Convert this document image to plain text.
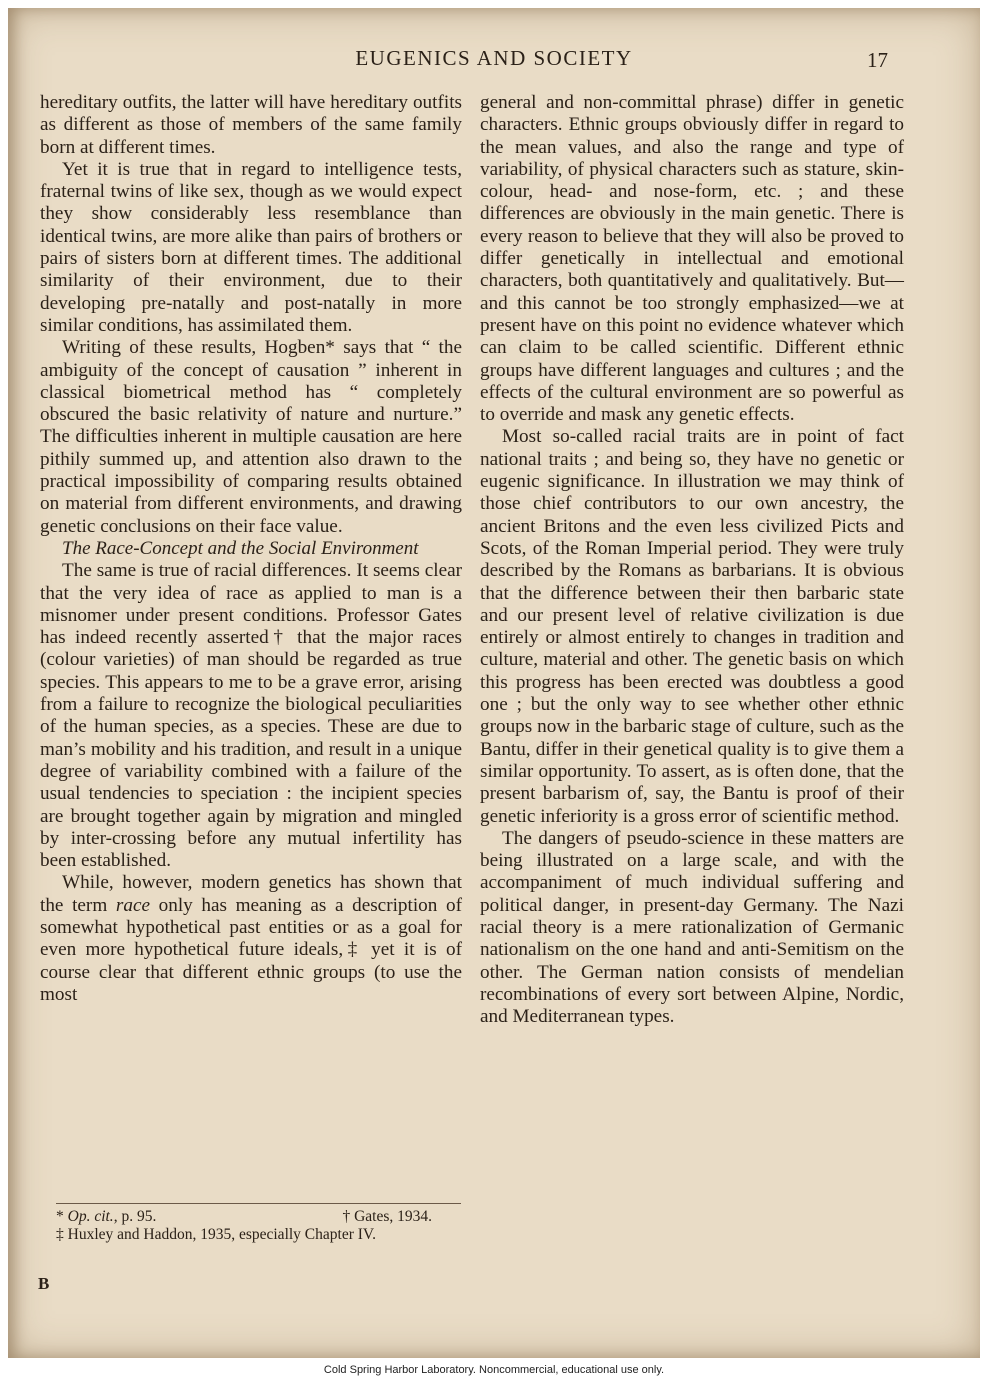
EUGENICS AND SOCIETY	17

hereditary outfits, the latter will have hereditary outfits as different as those of members of the same family born at different times.

Yet it is true that in regard to intelligence tests, fraternal twins of like sex, though as we would expect they show considerably less resemblance than identical twins, are more alike than pairs of brothers or pairs of sisters born at different times. The additional similarity of their environment, due to their developing pre-natally and post-natally in more similar conditions, has assimilated them.

Writing of these results, Hogben* says that “ the ambiguity of the concept of causation ” inherent in classical biometrical method has “ completely obscured the basic relativity of nature and nurture.” The difficulties inherent in multiple causation are here pithily summed up, and attention also drawn to the practical impossibility of comparing results obtained on material from different environments, and drawing genetic conclusions on their face value.

The Race-Concept and the Social Environment

The same is true of racial differences. It seems clear that the very idea of race as applied to man is a misnomer under present conditions. Professor Gates has indeed recently asserted† that the major races (colour varieties) of man should be regarded as true species. This appears to me to be a grave error, arising from a failure to recognize the biological peculiarities of the human species, as a species. These are due to man’s mobility and his tradition, and result in a unique degree of variability combined with a failure of the usual tendencies to speciation : the incipient species are brought together again by migration and mingled by inter-crossing before any mutual infertility has been established.

While, however, modern genetics has shown that the term race only has meaning as a description of somewhat hypothetical past entities or as a goal for even more hypothetical future ideals,‡ yet it is of course clear that different ethnic groups (to use the most

general and non-committal phrase) differ in genetic characters. Ethnic groups obviously differ in regard to the mean values, and also the range and type of variability, of physical characters such as stature, skin-colour, head- and nose-form, etc. ; and these differences are obviously in the main genetic. There is every reason to believe that they will also be proved to differ genetically in intellectual and emotional characters, both quantitatively and qualitatively. But—and this cannot be too strongly emphasized—we at present have on this point no evidence whatever which can claim to be called scientific. Different ethnic groups have different languages and cultures ; and the effects of the cultural environment are so powerful as to override and mask any genetic effects.

Most so-called racial traits are in point of fact national traits ; and being so, they have no genetic or eugenic significance. In illustration we may think of those chief contributors to our own ancestry, the ancient Britons and the even less civilized Picts and Scots, of the Roman Imperial period. They were truly described by the Romans as barbarians. It is obvious that the difference between their then barbaric state and our present level of relative civilization is due entirely or almost entirely to changes in tradition and culture, material and other. The genetic basis on which this progress has been erected was doubtless a good one ; but the only way to see whether other ethnic groups now in the barbaric stage of culture, such as the Bantu, differ in their genetical quality is to give them a similar opportunity. To assert, as is often done, that the present barbarism of, say, the Bantu is proof of their genetic inferiority is a gross error of scientific method.

The dangers of pseudo-science in these matters are being illustrated on a large scale, and with the accompaniment of much individual suffering and political danger, in present-day Germany. The Nazi racial theory is a mere rationalization of Germanic nationalism on the one hand and anti-Semitism on the other. The German nation consists of mendelian recombinations of every sort between Alpine, Nordic, and Mediterranean types.

* Op. cit., p. 95.	† Gates, 1934.
‡ Huxley and Haddon, 1935, especially Chapter IV.
B
Cold Spring Harbor Laboratory. Noncommercial, educational use only.
